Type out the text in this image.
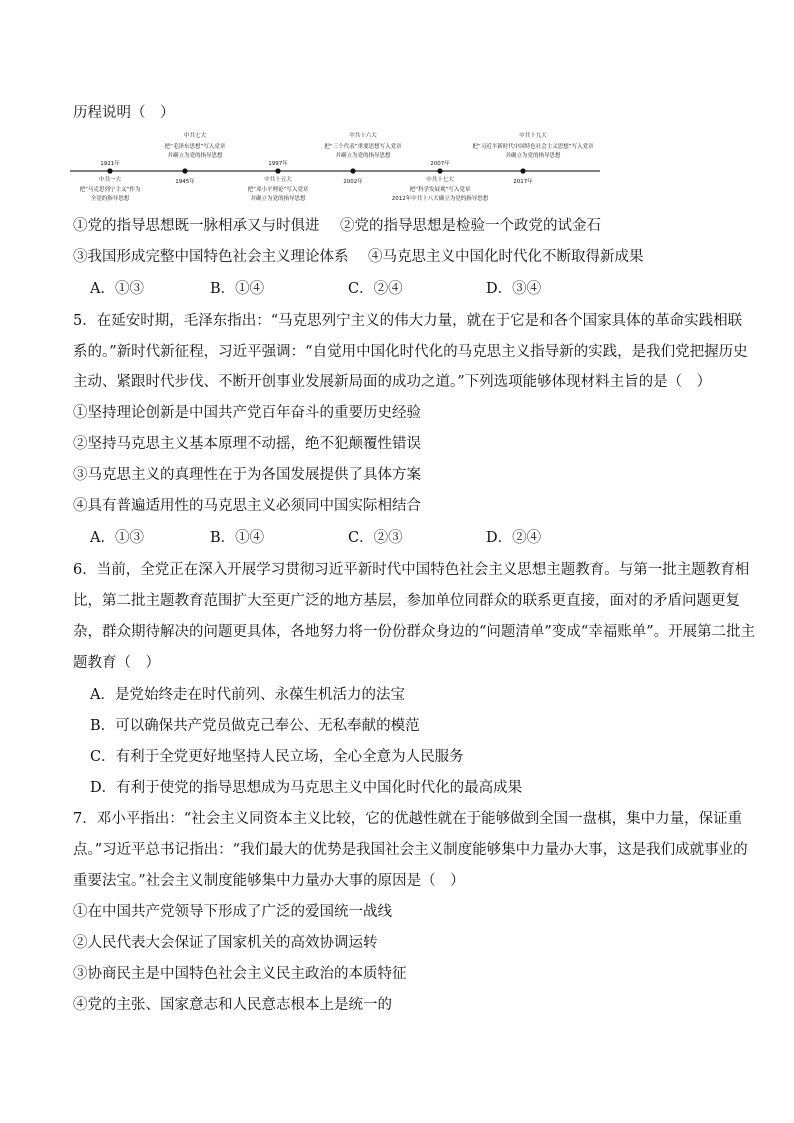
历程说明（　）
1921年
中共一大
把“马克思列宁主义”作为
全党的指导思想
1945年
中共七大
把“毛泽东思想”写入党章
并确立为党的指导思想
1997年
中共十五大
把“邓小平理论”写入党章
并确立为党的指导思想
2002年
中共十六大
把“三个代表”重要思想写入党章
并确立为党的指导思想
2007年
中共十七大
把“科学发展观”写入党章
2012年中共十八大确立为党的指导思想
2017年
中共十九大
把“习近平新时代中国特色社会主义思想”写入党章
并确立为党的指导思想
①党的指导思想既一脉相承又与时俱进 ②党的指导思想是检验一个政党的试金石
③我国形成完整中国特色社会主义理论体系 ④马克思主义中国化时代化不断取得新成果
A．①③	B．①④	C．②④	D．③④
5．在延安时期，毛泽东指出：“马克思列宁主义的伟大力量，就在于它是和各个国家具体的革命实践相联
系的。”新时代新征程，习近平强调：“自觉用中国化时代化的马克思主义指导新的实践，是我们党把握历史
主动、紧跟时代步伐、不断开创事业发展新局面的成功之道。”下列选项能够体现材料主旨的是（　）
①坚持理论创新是中国共产党百年奋斗的重要历史经验
②坚持马克思主义基本原理不动摇，绝不犯颠覆性错误
③马克思主义的真理性在于为各国发展提供了具体方案
④具有普遍适用性的马克思主义必须同中国实际相结合
A．①③	B．①④	C．②③	D．②④
6．当前，全党正在深入开展学习贯彻习近平新时代中国特色社会主义思想主题教育。与第一批主题教育相
比，第二批主题教育范围扩大至更广泛的地方基层，参加单位同群众的联系更直接，面对的矛盾问题更复
杂，群众期待解决的问题更具体，各地努力将一份份群众身边的“问题清单”变成“幸福账单”。开展第二批主
题教育（　）
A．是党始终走在时代前列、永葆生机活力的法宝
B．可以确保共产党员做克己奉公、无私奉献的模范
C．有利于全党更好地坚持人民立场，全心全意为人民服务
D．有利于使党的指导思想成为马克思主义中国化时代化的最高成果
7．邓小平指出：“社会主义同资本主义比较，它的优越性就在于能够做到全国一盘棋，集中力量，保证重
点。”习近平总书记指出：“我们最大的优势是我国社会主义制度能够集中力量办大事，这是我们成就事业的
重要法宝。”社会主义制度能够集中力量办大事的原因是（　）
①在中国共产党领导下形成了广泛的爱国统一战线
②人民代表大会保证了国家机关的高效协调运转
③协商民主是中国特色社会主义民主政治的本质特征
④党的主张、国家意志和人民意志根本上是统一的
